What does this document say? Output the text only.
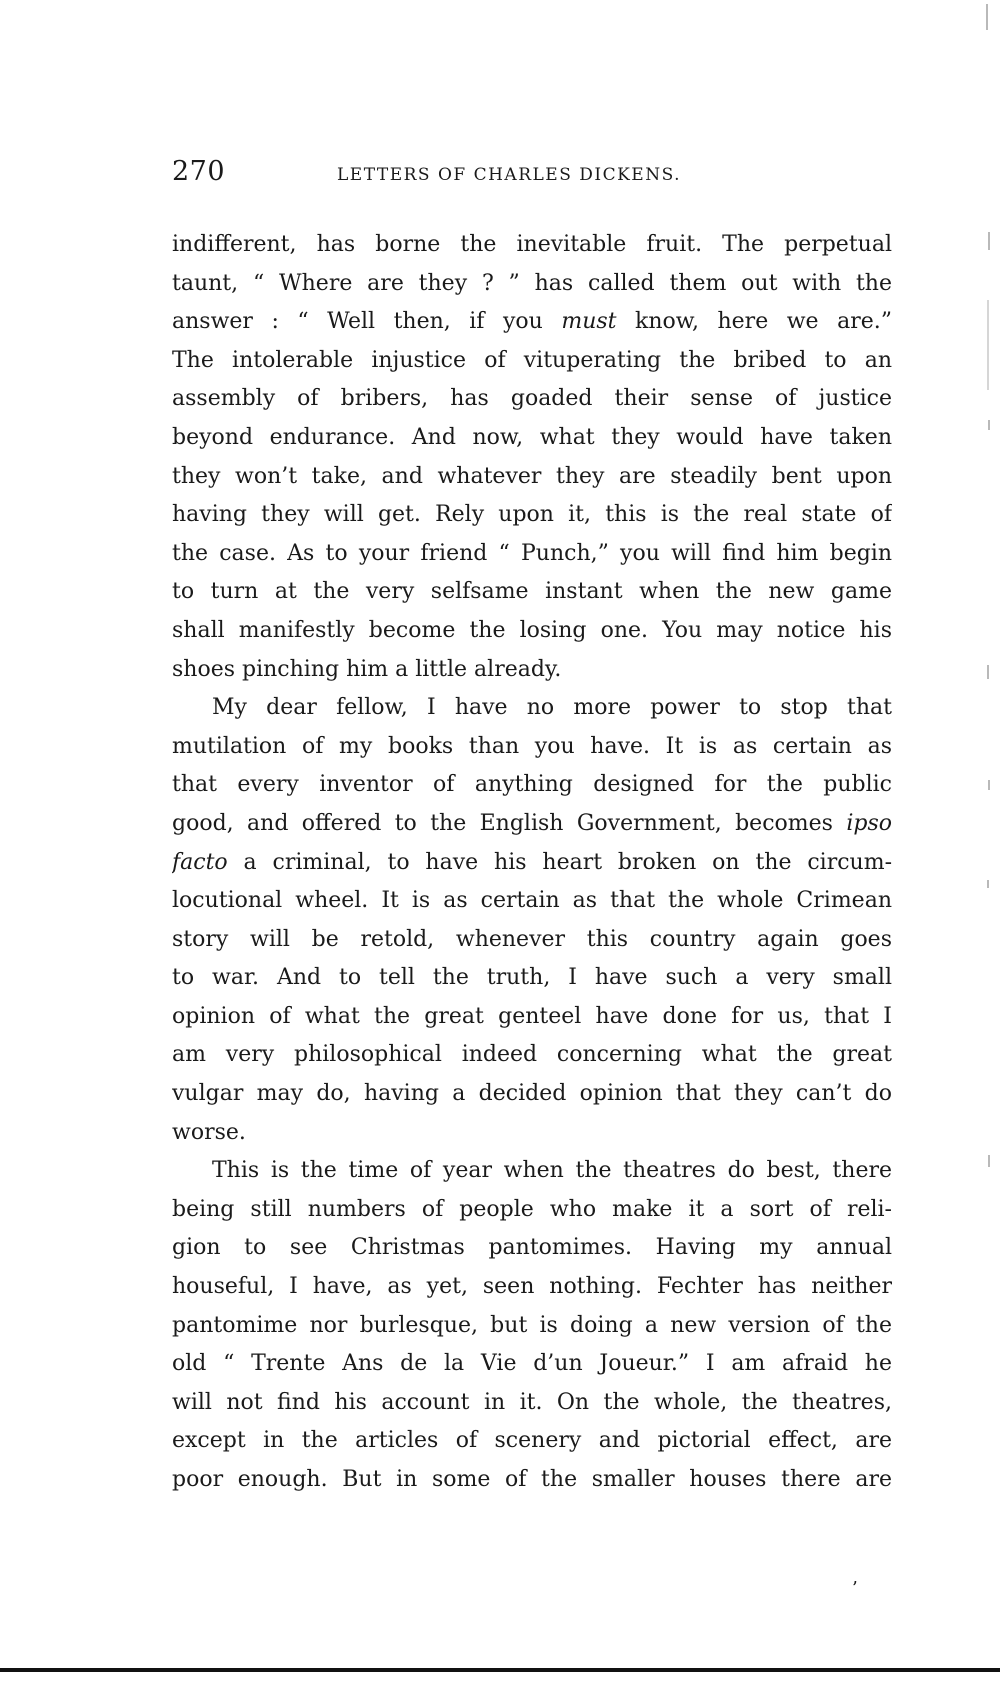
270	LETTERS OF CHARLES DICKENS.
indifferent, has borne the inevitable fruit. The perpetual
taunt, “ Where are they ? ” has called them out with the
answer : “ Well then, if you must know, here we are.”
The intolerable injustice of vituperating the bribed to an
assembly of bribers, has goaded their sense of justice
beyond endurance. And now, what they would have taken
they won’t take, and whatever they are steadily bent upon
having they will get. Rely upon it, this is the real state of
the case. As to your friend “ Punch,” you will find him begin
to turn at the very selfsame instant when the new game
shall manifestly become the losing one. You may notice his
shoes pinching him a little already.
My dear fellow, I have no more power to stop that
mutilation of my books than you have. It is as certain as
that every inventor of anything designed for the public
good, and offered to the English Government, becomes ipso
facto a criminal, to have his heart broken on the circum-
locutional wheel. It is as certain as that the whole Crimean
story will be retold, whenever this country again goes
to war. And to tell the truth, I have such a very small
opinion of what the great genteel have done for us, that I
am very philosophical indeed concerning what the great
vulgar may do, having a decided opinion that they can’t do
worse.
This is the time of year when the theatres do best, there
being still numbers of people who make it a sort of reli-
gion to see Christmas pantomimes. Having my annual
houseful, I have, as yet, seen nothing. Fechter has neither
pantomime nor burlesque, but is doing a new version of the
old “ Trente Ans de la Vie d’un Joueur.” I am afraid he
will not find his account in it. On the whole, the theatres,
except in the articles of scenery and pictorial effect, are
poor enough. But in some of the smaller houses there are
’
